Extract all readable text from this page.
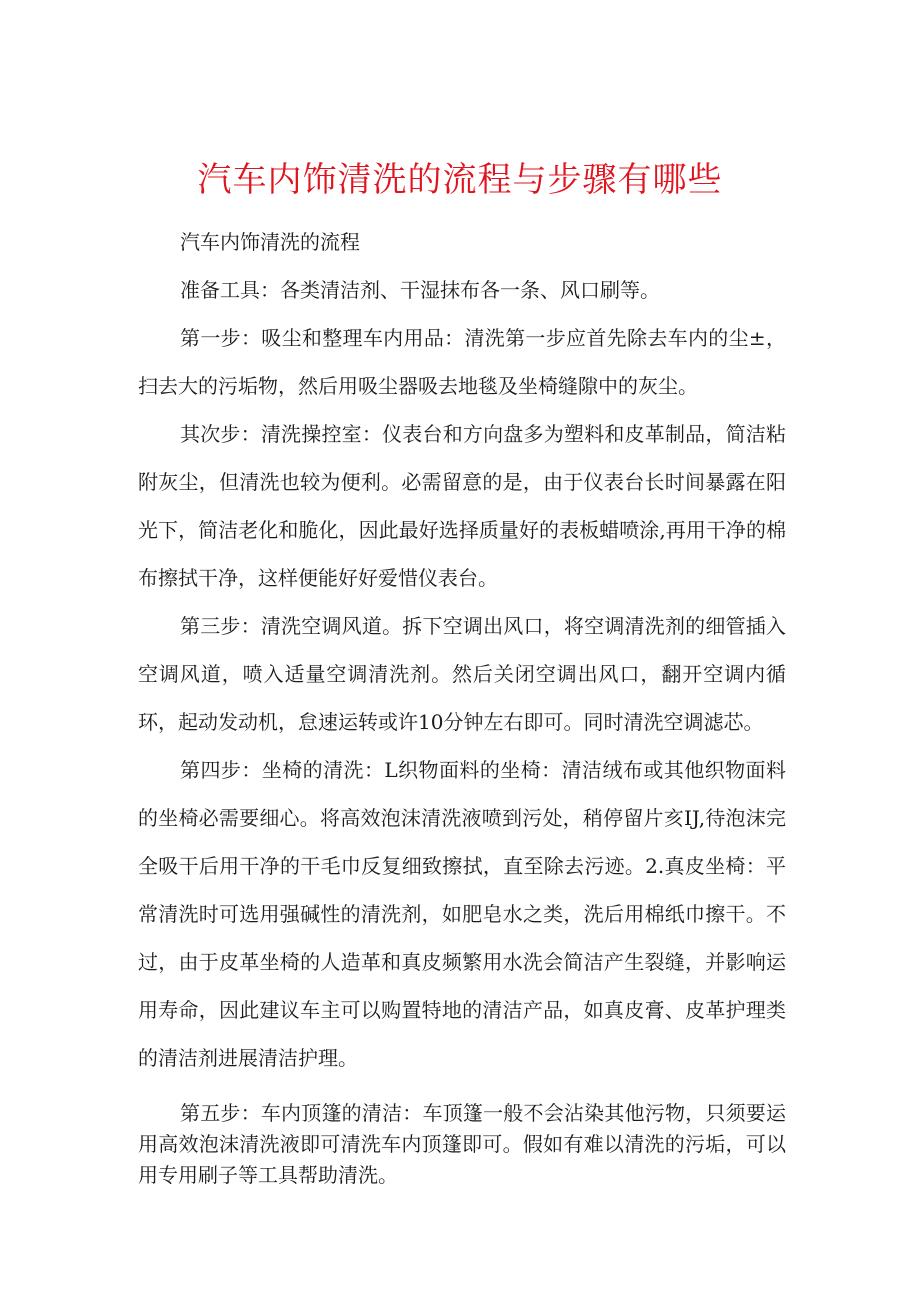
汽车内饰清洗的流程与步骤有哪些

汽车内饰清洗的流程

准备工具：各类清洁剂、干湿抹布各一条、风口刷等。

第一步：吸尘和整理车内用品：清洗第一步应首先除去车内的尘±，扫去大的污垢物，然后用吸尘器吸去地毯及坐椅缝隙中的灰尘。

其次步：清洗操控室：仪表台和方向盘多为塑料和皮革制品，简洁粘附灰尘，但清洗也较为便利。必需留意的是，由于仪表台长时间暴露在阳光下，简洁老化和脆化，因此最好选择质量好的表板蜡喷涂,再用干净的棉布擦拭干净，这样便能好好爱惜仪表台。

第三步：清洗空调风道。拆下空调出风口，将空调清洗剂的细管插入空调风道，喷入适量空调清洗剂。然后关闭空调出风口，翻开空调内循环，起动发动机，怠速运转或许10分钟左右即可。同时清洗空调滤芯。

第四步：坐椅的清洗：L织物面料的坐椅：清洁绒布或其他织物面料的坐椅必需要细心。将高效泡沫清洗液喷到污处，稍停留片亥IJ,待泡沫完全吸干后用干净的干毛巾反复细致擦拭，直至除去污迹。2.真皮坐椅：平常清洗时可选用强碱性的清洗剂，如肥皂水之类，洗后用棉纸巾擦干。不过，由于皮革坐椅的人造革和真皮频繁用水洗会简洁产生裂缝，并影响运用寿命，因此建议车主可以购置特地的清洁产品，如真皮膏、皮革护理类的清洁剂进展清洁护理。

第五步：车内顶篷的清洁：车顶篷一般不会沾染其他污物，只须要运用高效泡沫清洗液即可清洗车内顶篷即可。假如有难以清洗的污垢，可以用专用刷子等工具帮助清洗。
